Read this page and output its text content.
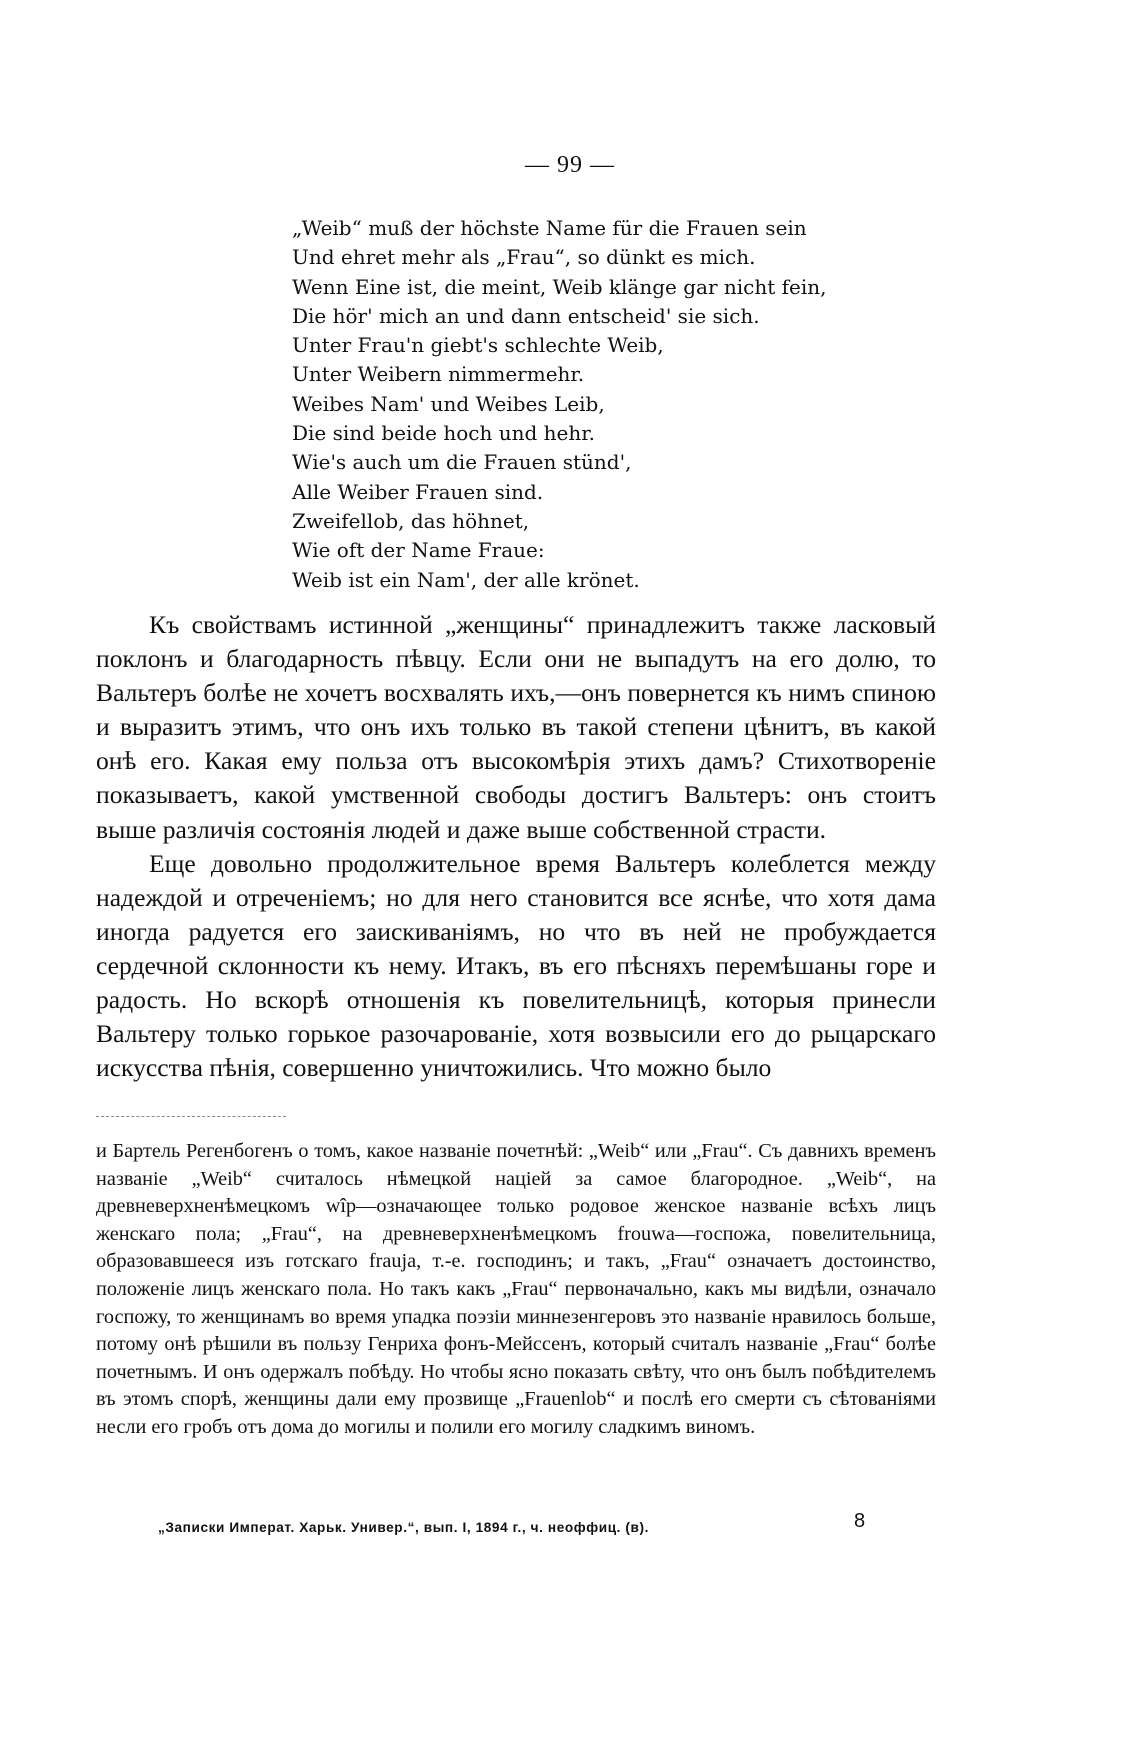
— 99 —

„Weib“ muß der höchste Name für die Frauen sein

Und ehret mehr als „Frau“, so dünkt es mich.

Wenn Eine ist, die meint, Weib klänge gar nicht fein,

Die hör' mich an und dann entscheid' sie sich.

Unter Frau'n giebt's schlechte Weib,

Unter Weibern nimmermehr.

Weibes Nam' und Weibes Leib,

Die sind beide hoch und hehr.

Wie's auch um die Frauen stünd',

Alle Weiber Frauen sind.

Zweifellob, das höhnet,

Wie oft der Name Fraue:

Weib ist ein Nam', der alle krönet.

Къ свойствамъ истинной „женщины“ принадлежитъ также ласковый поклонъ и благодарность пѣвцу. Если они не выпадутъ на его долю, то Вальтеръ болѣе не хочетъ восхвалять ихъ,—онъ повернется къ нимъ спиною и выразитъ этимъ, что онъ ихъ только въ такой степени цѣнитъ, въ какой онѣ его. Какая ему польза отъ высокомѣрія этихъ дамъ? Стихотвореніе показываетъ, какой умственной свободы достигъ Вальтеръ: онъ стоитъ выше различія состоянія людей и даже выше собственной страсти.

Еще довольно продолжительное время Вальтеръ колеблется между надеждой и отреченіемъ; но для него становится все яснѣе, что хотя дама иногда радуется его заискиваніямъ, но что въ ней не пробуждается сердечной склонности къ нему. Итакъ, въ его пѣсняхъ перемѣшаны горе и радость. Но вскорѣ отношенія къ повелительницѣ, которыя принесли Вальтеру только горькое разочарованіе, хотя возвысили его до рыцарскаго искусства пѣнія, совершенно уничтожились. Что можно было

и Бартель Регенбогенъ о томъ, какое названіе почетнѣй: „Weib“ или „Frau“. Съ давнихъ временъ названіе „Weib“ считалось нѣмецкой націей за самое благородное. „Weib“, на древневерхненѣмецкомъ wîp—означающее только родовое женское названіе всѣхъ лицъ женскаго пола; „Frau“, на древневерхненѣмецкомъ frouwa—госпожа, повелительница, образовавшееся изъ готскаго frauja, т.-е. господинъ; и такъ, „Frau“ означаетъ достоинство, положеніе лицъ женскаго пола. Но такъ какъ „Frau“ первоначально, какъ мы видѣли, означало госпожу, то женщинамъ во время упадка поэзіи миннезенгеровъ это названіе нравилось больше, потому онѣ рѣшили въ пользу Генриха фонъ-Мейссенъ, который считалъ названіе „Frau“ болѣе почетнымъ. И онъ одержалъ побѣду. Но чтобы ясно показать свѣту, что онъ былъ побѣдителемъ въ этомъ спорѣ, женщины дали ему прозвище „Frauenlob“ и послѣ его смерти съ сѣтованіями несли его гробъ отъ дома до могилы и полили его могилу сладкимъ виномъ.

8
„Записки Императ. Харьк. Универ.“, вып. I, 1894 г., ч. неоффиц. (в).
